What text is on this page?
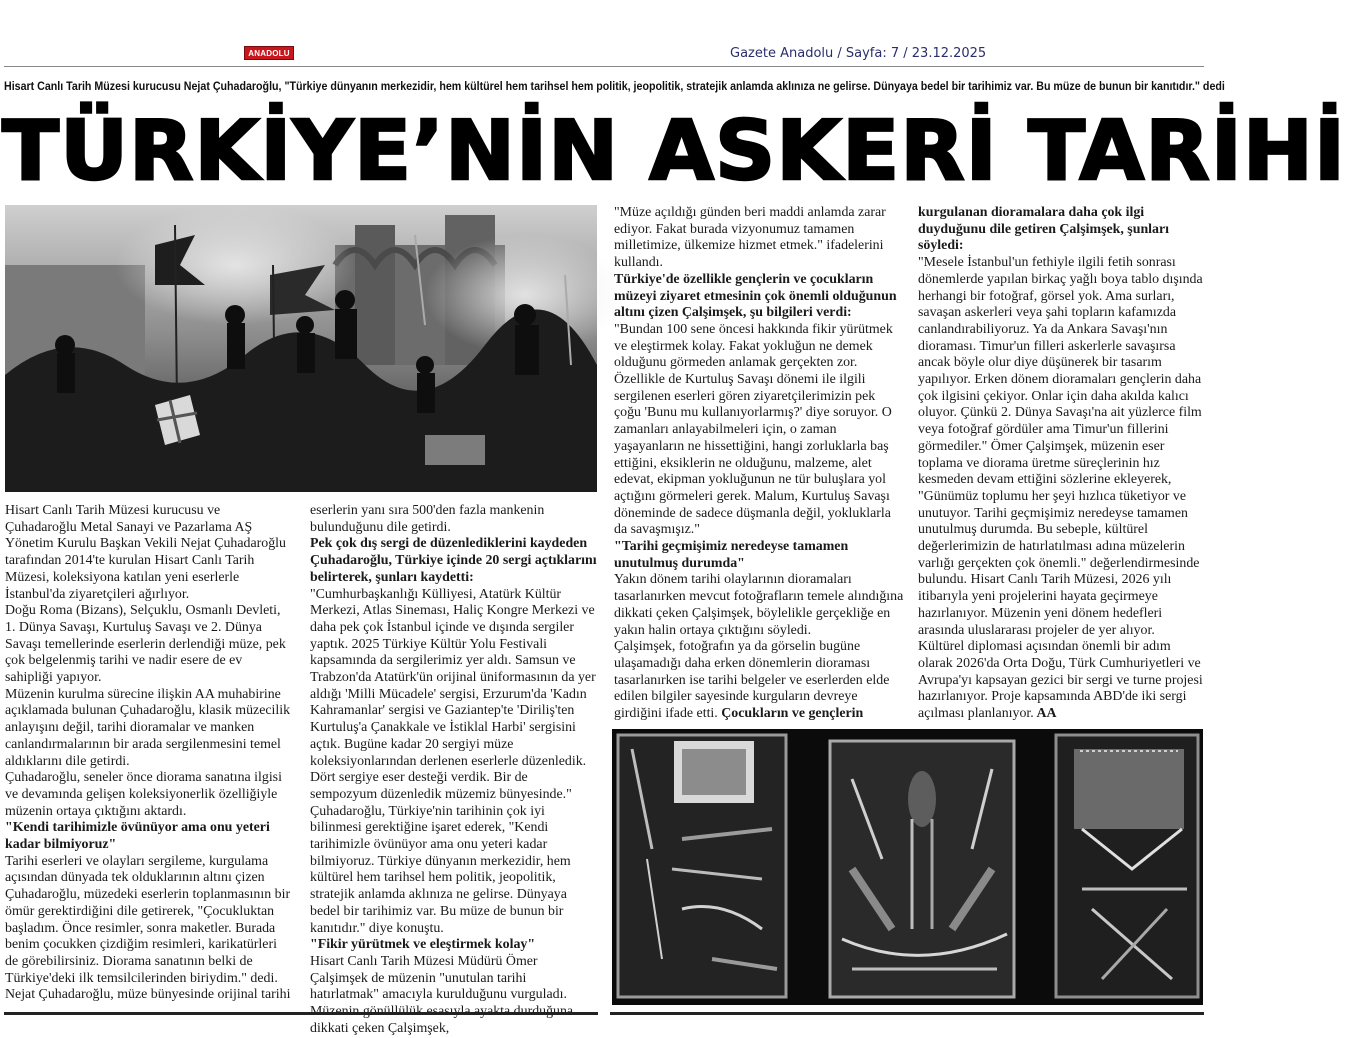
ANADOLU	Gazete Anadolu / Sayfa: 7 / 23.12.2025
Hisart Canlı Tarih Müzesi kurucusu Nejat Çuhadaroğlu, "Türkiye dünyanın merkezidir, hem kültürel hem tarihsel hem politik, jeopolitik, stratejik anlamda aklınıza ne gelirse. Dünyaya bedel bir tarihimiz var. Bu müze de bunun bir kanıtıdır." dedi
TÜRKİYE’NİN ASKERİ TARİHİ

Hisart Canlı Tarih Müzesi kurucusu ve Çuhadaroğlu Metal Sanayi ve Pazarlama AŞ Yönetim Kurulu Başkan Vekili Nejat Çuhadaroğlu tarafından 2014'te kurulan Hisart Canlı Tarih Müzesi, koleksiyona katılan yeni eserlerle İstanbul'da ziyaretçileri ağırlıyor.

Doğu Roma (Bizans), Selçuklu, Osmanlı Devleti, 1. Dünya Savaşı, Kurtuluş Savaşı ve 2. Dünya Savaşı temellerinde eserlerin derlendiği müze, pek çok belgelenmiş tarihi ve nadir esere de ev sahipliği yapıyor.

Müzenin kurulma sürecine ilişkin AA muhabirine açıklamada bulunan Çuhadaroğlu, klasik müzecilik anlayışını değil, tarihi dioramalar ve manken canlandırmalarının bir arada sergilenmesini temel aldıklarını dile getirdi.

Çuhadaroğlu, seneler önce diorama sanatına ilgisi ve devamında gelişen koleksiyonerlik özelliğiyle müzenin ortaya çıktığını aktardı.

"Kendi tarihimizle övünüyor ama onu yeteri kadar bilmiyoruz"

Tarihi eserleri ve olayları sergileme, kurgulama açısından dünyada tek olduklarının altını çizen Çuhadaroğlu, müzedeki eserlerin toplanmasının bir ömür gerektirdiğini dile getirerek, "Çocukluktan başladım. Önce resimler, sonra maketler. Burada benim çocukken çizdiğim resimleri, karikatürleri de görebilirsiniz. Diorama sanatının belki de Türkiye'deki ilk temsilcilerinden biriydim." dedi.

Nejat Çuhadaroğlu, müze bünyesinde orijinal tarihi

eserlerin yanı sıra 500'den fazla mankenin bulunduğunu dile getirdi.

Pek çok dış sergi de düzenlediklerini kaydeden Çuhadaroğlu, Türkiye içinde 20 sergi açtıklarını belirterek, şunları kaydetti:

"Cumhurbaşkanlığı Külliyesi, Atatürk Kültür Merkezi, Atlas Sineması, Haliç Kongre Merkezi ve daha pek çok İstanbul içinde ve dışında sergiler yaptık. 2025 Türkiye Kültür Yolu Festivali kapsamında da sergilerimiz yer aldı. Samsun ve Trabzon'da Atatürk'ün orijinal üniformasının da yer aldığı 'Milli Mücadele' sergisi, Erzurum'da 'Kadın Kahramanlar' sergisi ve Gaziantep'te 'Diriliş'ten Kurtuluş'a Çanakkale ve İstiklal Harbi' sergisini açtık. Bugüne kadar 20 sergiyi müze koleksiyonlarından derlenen eserlerle düzenledik. Dört sergiye eser desteği verdik. Bir de sempozyum düzenledik müzemiz bünyesinde."

Çuhadaroğlu, Türkiye'nin tarihinin çok iyi bilinmesi gerektiğine işaret ederek, "Kendi tarihimizle övünüyor ama onu yeteri kadar bilmiyoruz. Türkiye dünyanın merkezidir, hem kültürel hem tarihsel hem politik, jeopolitik, stratejik anlamda aklınıza ne gelirse. Dünyaya bedel bir tarihimiz var. Bu müze de bunun bir kanıtıdır." diye konuştu.

"Fikir yürütmek ve eleştirmek kolay"

Hisart Canlı Tarih Müzesi Müdürü Ömer Çalşimşek de müzenin "unutulan tarihi hatırlatmak" amacıyla kurulduğunu vurguladı. dikkati çeken Çalşimşek,

"Müze açıldığı günden beri maddi anlamda zarar ediyor. Fakat burada vizyonumuz tamamen milletimize, ülkemize hizmet etmek." ifadelerini kullandı.

Türkiye'de özellikle gençlerin ve çocukların müzeyi ziyaret etmesinin çok önemli olduğunun altını çizen Çalşimşek, şu bilgileri verdi:

"Bundan 100 sene öncesi hakkında fikir yürütmek ve eleştirmek kolay. Fakat yokluğun ne demek olduğunu görmeden anlamak gerçekten zor. Özellikle de Kurtuluş Savaşı dönemi ile ilgili sergilenen eserleri gören ziyaretçilerimizin pek çoğu 'Bunu mu kullanıyorlarmış?' diye soruyor. O zamanları anlayabilmeleri için, o zaman yaşayanların ne hissettiğini, hangi zorluklarla baş ettiğini, eksiklerin ne olduğunu, malzeme, alet edevat, ekipman yokluğunun ne tür buluşlara yol açtığını görmeleri gerek. Malum, Kurtuluş Savaşı döneminde de sadece düşmanla değil, yokluklarla da savaşmışız."

"Tarihi geçmişimiz neredeyse tamamen unutulmuş durumda"

Yakın dönem tarihi olaylarının dioramaları tasarlanırken mevcut fotoğrafların temele alındığına dikkati çeken Çalşimşek, böylelikle gerçekliğe en yakın halin ortaya çıktığını söyledi.

Çalşimşek, fotoğrafın ya da görselin bugüne ulaşamadığı daha erken dönemlerin dioraması tasarlanırken ise tarihi belgeler ve eserlerden elde edilen bilgiler sayesinde kurguların devreye girdiğini ifade etti. Çocukların ve gençlerin

kurgulanan dioramalara daha çok ilgi duyduğunu dile getiren Çalşimşek, şunları söyledi:

"Mesele İstanbul'un fethiyle ilgili fetih sonrası dönemlerde yapılan birkaç yağlı boya tablo dışında herhangi bir fotoğraf, görsel yok. Ama surları, savaşan askerleri veya şahi topların kafamızda canlandırabiliyoruz. Ya da Ankara Savaşı'nın dioraması. Timur'un filleri askerlerle savaşırsa ancak böyle olur diye düşünerek bir tasarım yapılıyor. Erken dönem dioramaları gençlerin daha çok ilgisini çekiyor. Onlar için daha akılda kalıcı oluyor. Çünkü 2. Dünya Savaşı'na ait yüzlerce film veya fotoğraf gördüler ama Timur'un fillerini görmediler." Ömer Çalşimşek, müzenin eser toplama ve diorama üretme süreçlerinin hız kesmeden devam ettiğini sözlerine ekleyerek, "Günümüz toplumu her şeyi hızlıca tüketiyor ve unutuyor. Tarihi geçmişimiz neredeyse tamamen unutulmuş durumda. Bu sebeple, kültürel değerlerimizin de hatırlatılması adına müzelerin varlığı gerçekten çok önemli." değerlendirmesinde bulundu. Hisart Canlı Tarih Müzesi, 2026 yılı itibarıyla yeni projelerini hayata geçirmeye hazırlanıyor. Müzenin yeni dönem hedefleri arasında uluslararası projeler de yer alıyor. Kültürel diplomasi açısından önemli bir adım olarak 2026'da Orta Doğu, Türk Cumhuriyetleri ve Avrupa'yı kapsayan gezici bir sergi ve turne projesi hazırlanıyor. Proje kapsamında ABD'de iki sergi açılması planlanıyor. AA
